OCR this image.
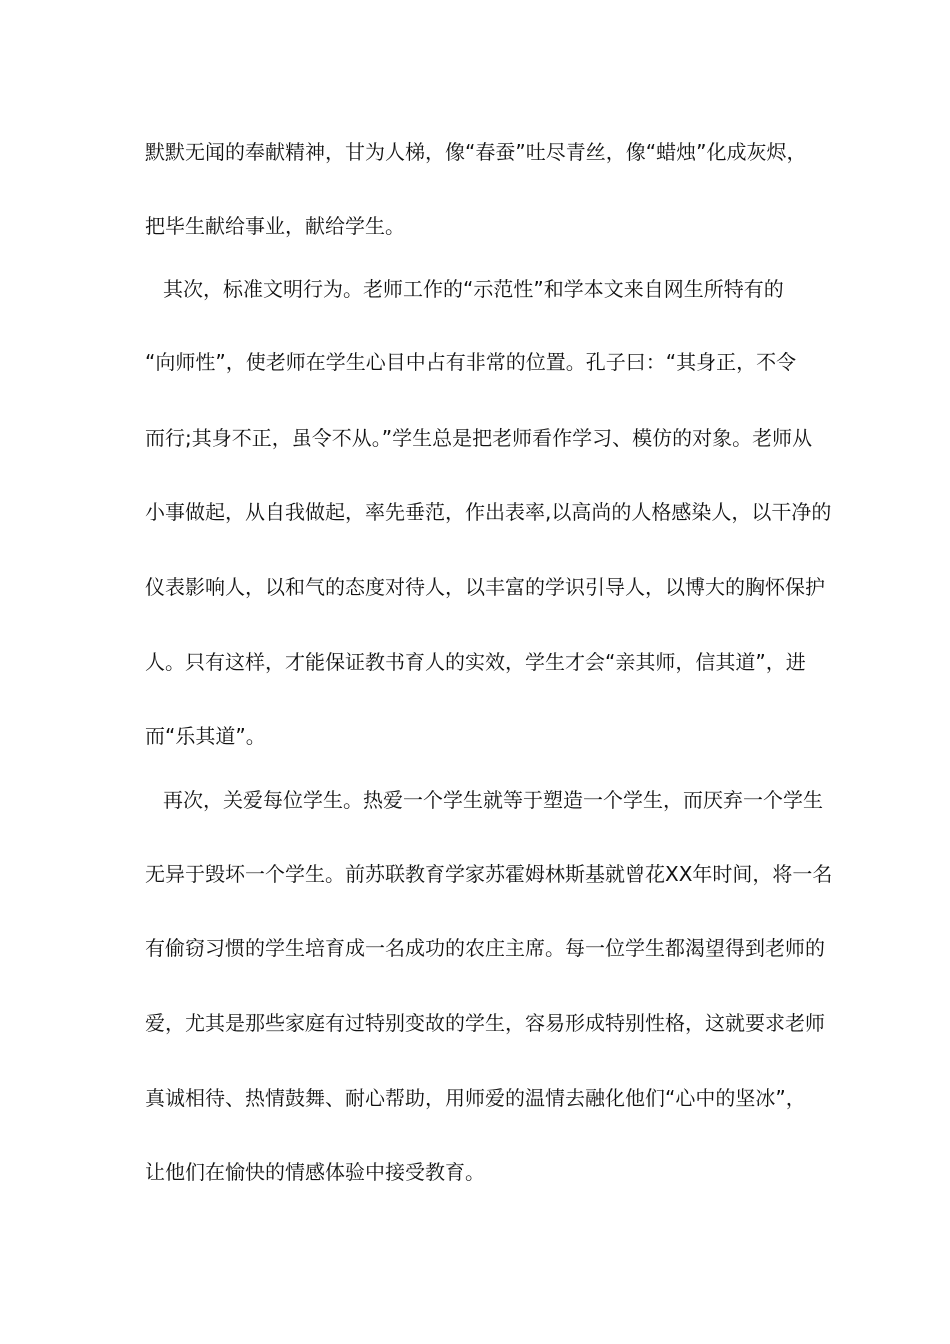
默默无闻的奉献精神，甘为人梯，像“春蚕”吐尽青丝，像“蜡烛”化成灰烬，
把毕生献给事业，献给学生。
其次，标准文明行为。老师工作的“示范性”和学本文来自网生所特有的
“向师性”，使老师在学生心目中占有非常的位置。孔子曰：“其身正，不令
而行;其身不正，虽令不从。”学生总是把老师看作学习、模仿的对象。老师从
小事做起，从自我做起，率先垂范，作出表率,以高尚的人格感染人，以干净的
仪表影响人，以和气的态度对待人，以丰富的学识引导人，以博大的胸怀保护
人。只有这样，才能保证教书育人的实效，学生才会“亲其师，信其道”，进
而“乐其道”。
再次，关爱每位学生。热爱一个学生就等于塑造一个学生，而厌弃一个学生
无异于毁坏一个学生。前苏联教育学家苏霍姆林斯基就曾花XX年时间，将一名
有偷窃习惯的学生培育成一名成功的农庄主席。每一位学生都渴望得到老师的
爱，尤其是那些家庭有过特别变故的学生，容易形成特别性格，这就要求老师
真诚相待、热情鼓舞、耐心帮助，用师爱的温情去融化他们“心中的坚冰”，
让他们在愉快的情感体验中接受教育。
